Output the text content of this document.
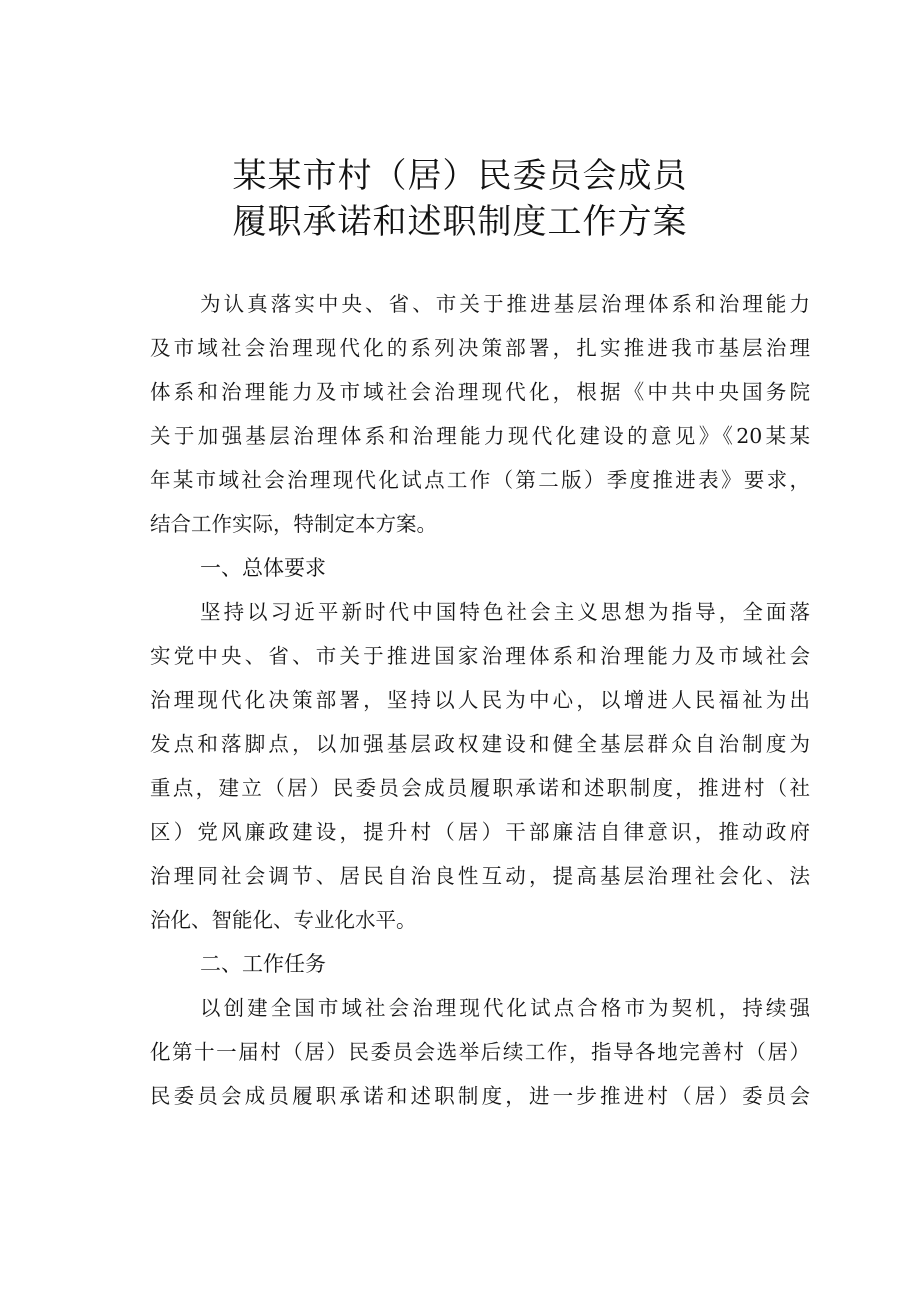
某某市村（居）民委员会成员
履职承诺和述职制度工作方案
为认真落实中央、省、市关于推进基层治理体系和治理能力
及市域社会治理现代化的系列决策部署，扎实推进我市基层治理
体系和治理能力及市域社会治理现代化，根据《中共中央国务院
关于加强基层治理体系和治理能力现代化建设的意见》《20某某
年某市域社会治理现代化试点工作（第二版）季度推进表》要求，
结合工作实际，特制定本方案。
一、总体要求
坚持以习近平新时代中国特色社会主义思想为指导，全面落
实党中央、省、市关于推进国家治理体系和治理能力及市域社会
治理现代化决策部署，坚持以人民为中心，以增进人民福祉为出
发点和落脚点，以加强基层政权建设和健全基层群众自治制度为
重点，建立（居）民委员会成员履职承诺和述职制度，推进村（社
区）党风廉政建设，提升村（居）干部廉洁自律意识，推动政府
治理同社会调节、居民自治良性互动，提高基层治理社会化、法
治化、智能化、专业化水平。
二、工作任务
以创建全国市域社会治理现代化试点合格市为契机，持续强
化第十一届村（居）民委员会选举后续工作，指导各地完善村（居）
民委员会成员履职承诺和述职制度，进一步推进村（居）委员会
